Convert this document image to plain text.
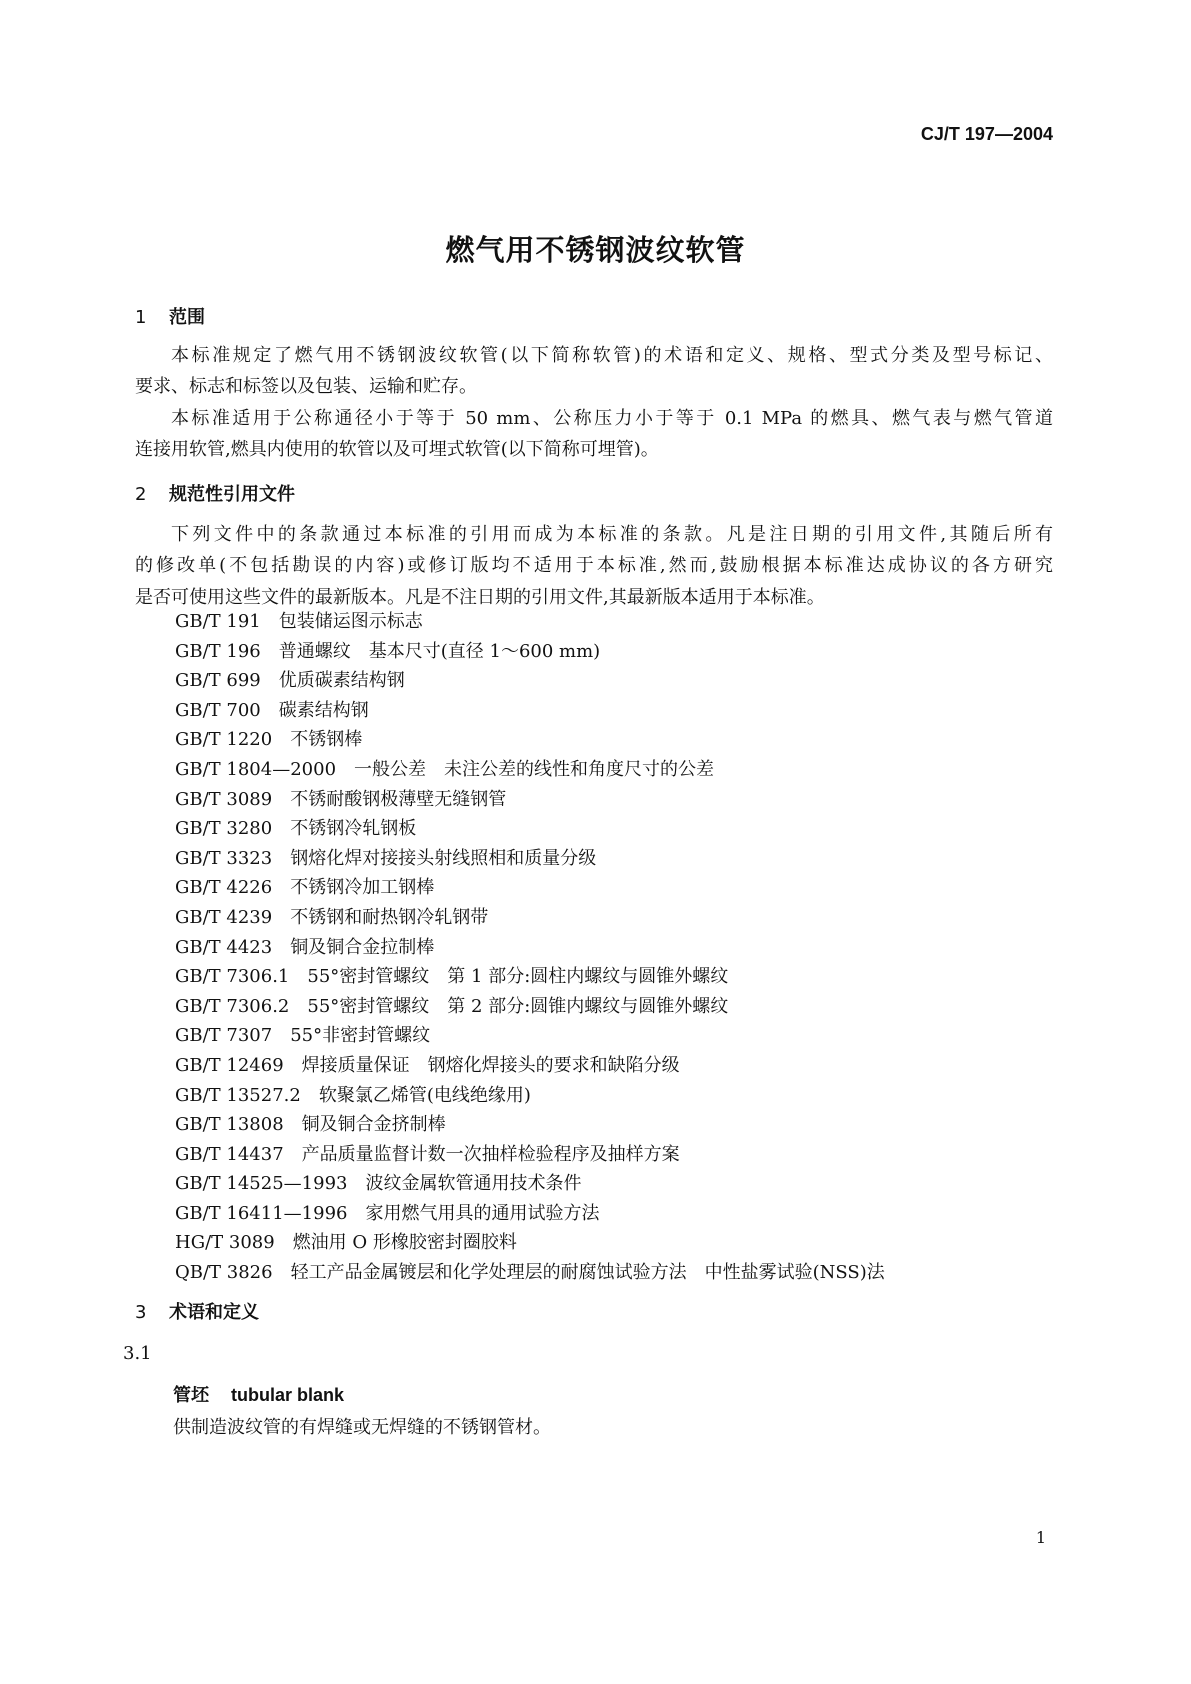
CJ/T 197—2004
燃气用不锈钢波纹软管
1 范围
本标准规定了燃气用不锈钢波纹软管(以下简称软管)的术语和定义、规格、型式分类及型号标记、
要求、标志和标签以及包装、运输和贮存。
本标准适用于公称通径小于等于 50 mm、公称压力小于等于 0.1 MPa 的燃具、燃气表与燃气管道
连接用软管,燃具内使用的软管以及可埋式软管(以下简称可埋管)。
2 规范性引用文件
下列文件中的条款通过本标准的引用而成为本标准的条款。凡是注日期的引用文件,其随后所有
的修改单(不包括勘误的内容)或修订版均不适用于本标准,然而,鼓励根据本标准达成协议的各方研究
是否可使用这些文件的最新版本。凡是不注日期的引用文件,其最新版本适用于本标准。
GB/T 191 包装储运图示标志
GB/T 196 普通螺纹　基本尺寸(直径 1～600 mm)
GB/T 699 优质碳素结构钢
GB/T 700 碳素结构钢
GB/T 1220 不锈钢棒
GB/T 1804—2000 一般公差　未注公差的线性和角度尺寸的公差
GB/T 3089 不锈耐酸钢极薄壁无缝钢管
GB/T 3280 不锈钢冷轧钢板
GB/T 3323 钢熔化焊对接接头射线照相和质量分级
GB/T 4226 不锈钢冷加工钢棒
GB/T 4239 不锈钢和耐热钢冷轧钢带
GB/T 4423 铜及铜合金拉制棒
GB/T 7306.1 55°密封管螺纹　第 1 部分:圆柱内螺纹与圆锥外螺纹
GB/T 7306.2 55°密封管螺纹　第 2 部分:圆锥内螺纹与圆锥外螺纹
GB/T 7307 55°非密封管螺纹
GB/T 12469 焊接质量保证　钢熔化焊接头的要求和缺陷分级
GB/T 13527.2 软聚氯乙烯管(电线绝缘用)
GB/T 13808 铜及铜合金挤制棒
GB/T 14437 产品质量监督计数一次抽样检验程序及抽样方案
GB/T 14525—1993 波纹金属软管通用技术条件
GB/T 16411—1996 家用燃气用具的通用试验方法
HG/T 3089 燃油用 O 形橡胶密封圈胶料
QB/T 3826 轻工产品金属镀层和化学处理层的耐腐蚀试验方法　中性盐雾试验(NSS)法
3 术语和定义
3.1
管坯 tubular blank
供制造波纹管的有焊缝或无焊缝的不锈钢管材。
1
